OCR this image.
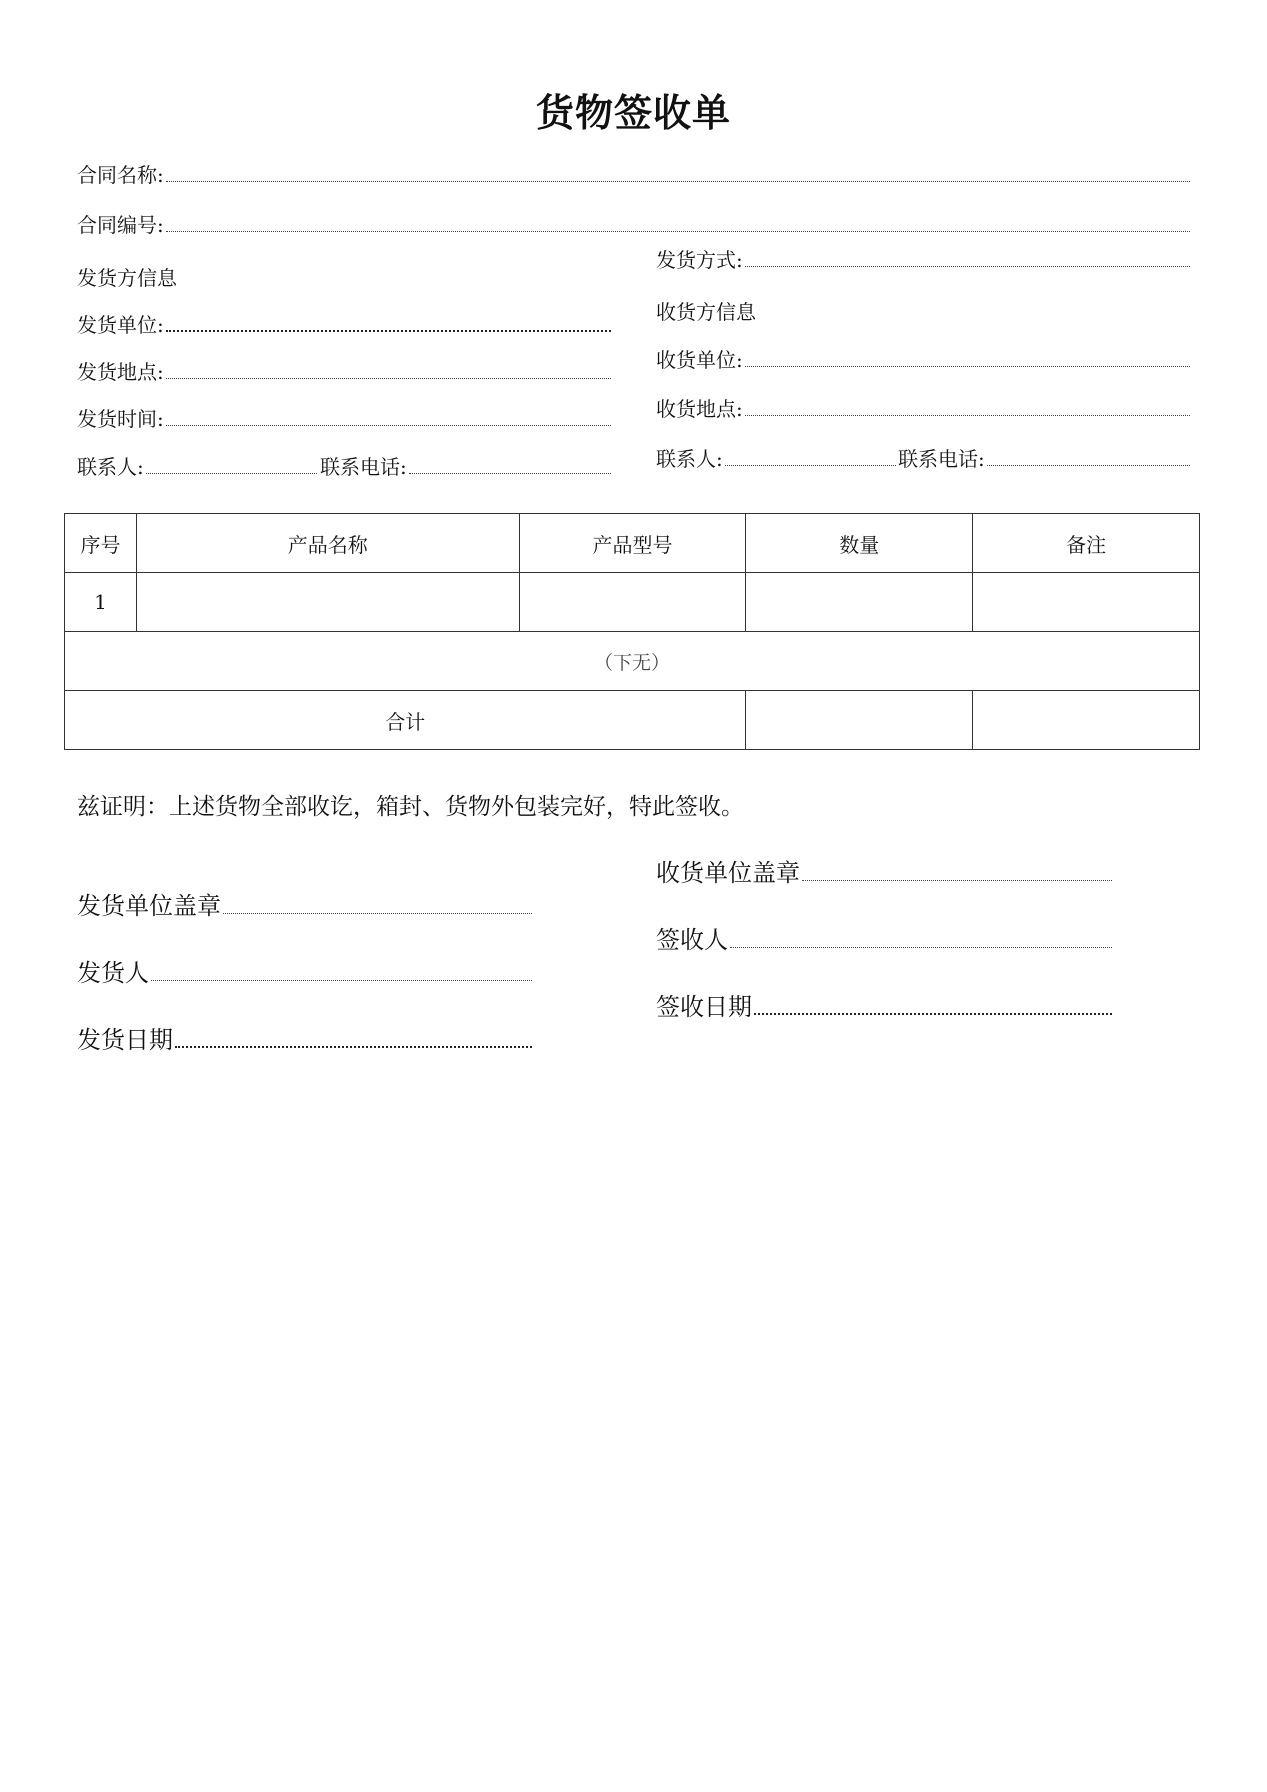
货物签收单
合同名称:
合同编号:
发货方信息
发货单位:
发货地点:
发货时间:
联系人:	联系电话:
发货方式:
收货方信息
收货单位:
收货地点:
联系人:	联系电话:
序号	产品名称	产品型号	数量	备注
1				
（下无）				
合计				
兹证明：上述货物全部收讫，箱封、货物外包装完好，特此签收。
发货单位盖章
发货人
发货日期
收货单位盖章
签收人
签收日期
